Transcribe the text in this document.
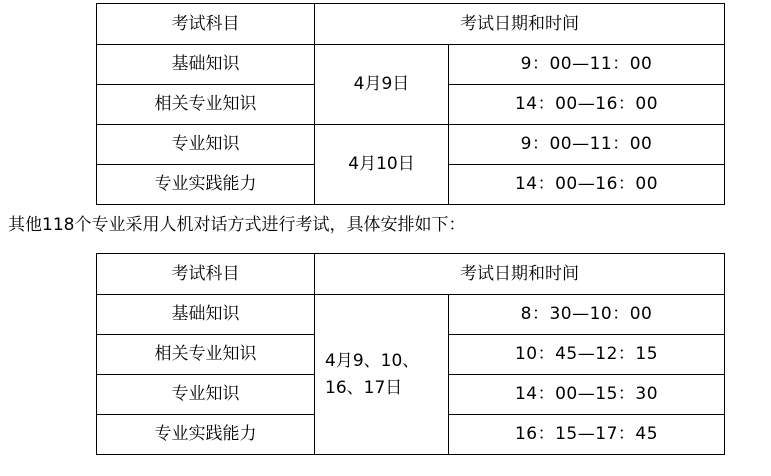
考试科目	考试日期和时间	
基础知识	4月9日	9：00—11：00
相关专业知识		14：00—16：00
专业知识	4月10日	9：00—11：00
专业实践能力		14：00—16：00
其他118个专业采用人机对话方式进行考试，具体安排如下：
考试科目	考试日期和时间	
基础知识	4月9、10、16、17日	8：30—10：00
相关专业知识		10：45—12：15
专业知识		14：00—15：30
专业实践能力		16：15—17：45
